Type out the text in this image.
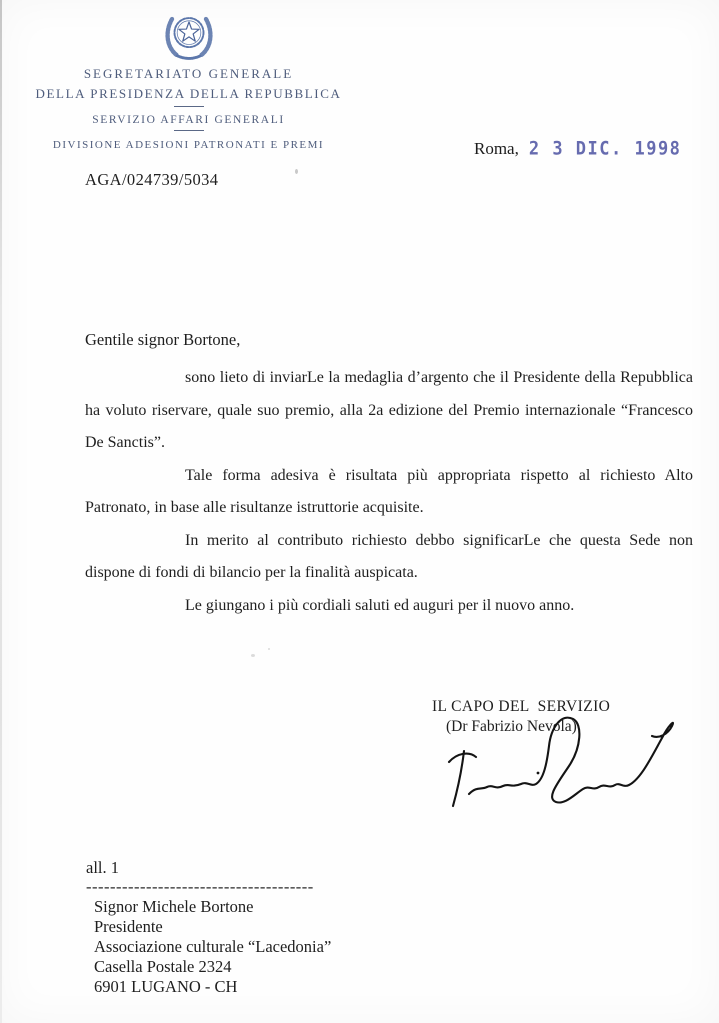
SEGRETARIATO GENERALE
DELLA PRESIDENZA DELLA REPUBBLICA
SERVIZIO AFFARI GENERALI
DIVISIONE ADESIONI PATRONATI E PREMI	Roma, 2 3 DIC. 1998
AGA/024739/5034
Gentile signor Bortone,

sono lieto di inviarLe la medaglia d’argento che il Presidente della Repubblica ha voluto riservare, quale suo premio, alla 2a edizione del Premio internazionale “Francesco De Sanctis”.

Tale forma adesiva è risultata più appropriata rispetto al richiesto Alto Patronato, in base alle risultanze istruttorie acquisite.

In merito al contributo richiesto debbo significarLe che questa Sede non dispone di fondi di bilancio per la finalità auspicata.

Le giungano i più cordiali saluti ed auguri per il nuovo anno.

IL CAPO DEL  SERVIZIO
(Dr Fabrizio Nevola)
all. 1
--------------------------------------
Signor Michele Bortone
Presidente
Associazione culturale “Lacedonia”
Casella Postale 2324
6901 LUGANO - CH
